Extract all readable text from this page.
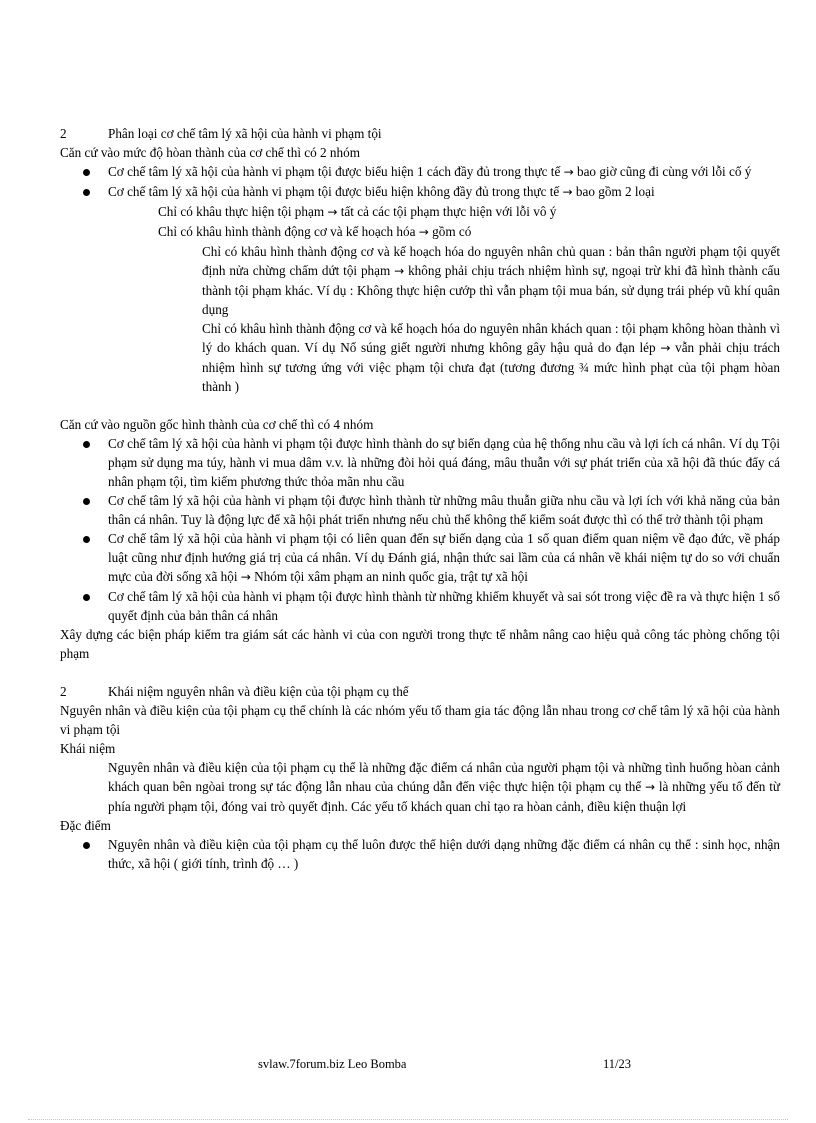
2	Phân loại cơ chế tâm lý xã hội của hành vi phạm tội

Căn cứ vào mức độ hòan thành của cơ chế thì có 2 nhóm

Cơ chế tâm lý xã hội của hành vi phạm tội được biểu hiện 1 cách đầy đủ trong thực tế → bao giờ cũng đi cùng với lỗi cố ý

Cơ chế tâm lý xã hội của hành vi phạm tội được biểu hiện không đầy đủ trong thực tế → bao gồm 2 loại

Chỉ có khâu thực hiện tội phạm → tất cả các tội phạm thực hiện với lỗi vô ý

Chỉ có khâu hình thành động cơ và kế hoạch hóa → gồm có

Chỉ có khâu hình thành động cơ và kế hoạch hóa do nguyên nhân chủ quan : bản thân người phạm tội quyết định nửa chừng chấm dứt tội phạm → không phải chịu trách nhiệm hình sự, ngoại trừ khi đã hình thành cấu thành tội phạm khác. Ví dụ : Không thực hiện cướp thì vẫn phạm tội mua bán, sử dụng trái phép vũ khí quân dụng

Chỉ có khâu hình thành động cơ và kế hoạch hóa do nguyên nhân khách quan : tội phạm không hòan thành vì lý do khách quan. Ví dụ Nổ súng giết người nhưng không gây hậu quả do đạn lép → vẫn phải chịu trách nhiệm hình sự tương ứng với việc phạm tội chưa đạt (tương đương ¾ mức hình phạt của tội phạm hòan thành )

Căn cứ vào nguồn gốc hình thành của cơ chế thì có 4 nhóm

Cơ chế tâm lý xã hội của hành vi phạm tội được hình thành do sự biến dạng của hệ thống nhu cầu và lợi ích cá nhân. Ví dụ Tội phạm sử dụng ma túy, hành vi mua dâm v.v. là những đòi hỏi quá đáng, mâu thuẫn với sự phát triển của xã hội đã thúc đẩy cá nhân phạm tội, tìm kiếm phương thức thỏa mãn nhu cầu

Cơ chế tâm lý xã hội của hành vi phạm tội được hình thành từ những mâu thuẫn giữa nhu cầu và lợi ích với khả năng của bản thân cá nhân. Tuy là động lực để xã hội phát triển nhưng nếu chủ thể không thể kiểm soát được thì có thể trở thành tội phạm

Cơ chế tâm lý xã hội của hành vi phạm tội có liên quan đến sự biến dạng của 1 số quan điểm quan niệm về đạo đức, về pháp luật cũng như định hướng giá trị của cá nhân. Ví dụ Đánh giá, nhận thức sai lầm của cá nhân về khái niệm tự do so với chuẩn mực của đời sống xã hội → Nhóm tội xâm phạm an ninh quốc gia, trật tự xã hội

Cơ chế tâm lý xã hội của hành vi phạm tội được hình thành từ những khiếm khuyết và sai sót trong việc đề ra và thực hiện 1 số quyết định của bản thân cá nhân

Xây dựng các biện pháp kiểm tra giám sát các hành vi của con người trong thực tế nhằm nâng cao hiệu quả công tác phòng chống tội phạm

2	Khái niệm nguyên nhân và điều kiện của tội phạm cụ thể

Nguyên nhân và điều kiện của tội phạm cụ thể chính là các nhóm yếu tố tham gia tác động lẫn nhau trong cơ chế tâm lý xã hội của hành vi phạm tội

Khái niệm

Nguyên nhân và điều kiện của tội phạm cụ thể là những đặc điểm cá nhân của người phạm tội và những tình huống hòan cảnh khách quan bên ngòai trong sự tác động lẫn nhau của chúng dẫn đến việc thực hiện tội phạm cụ thể → là những yếu tố đến từ phía người phạm tội, đóng vai trò quyết định. Các yếu tố khách quan chỉ tạo ra hòan cảnh, điều kiện thuận lợi

Đặc điểm

Nguyên nhân và điều kiện của tội phạm cụ thể luôn được thể hiện dưới dạng những đặc điểm cá nhân cụ thể : sinh học, nhận thức, xã hội ( giới tính, trình độ … )

svlaw.7forum.biz Leo Bomba	11/23
